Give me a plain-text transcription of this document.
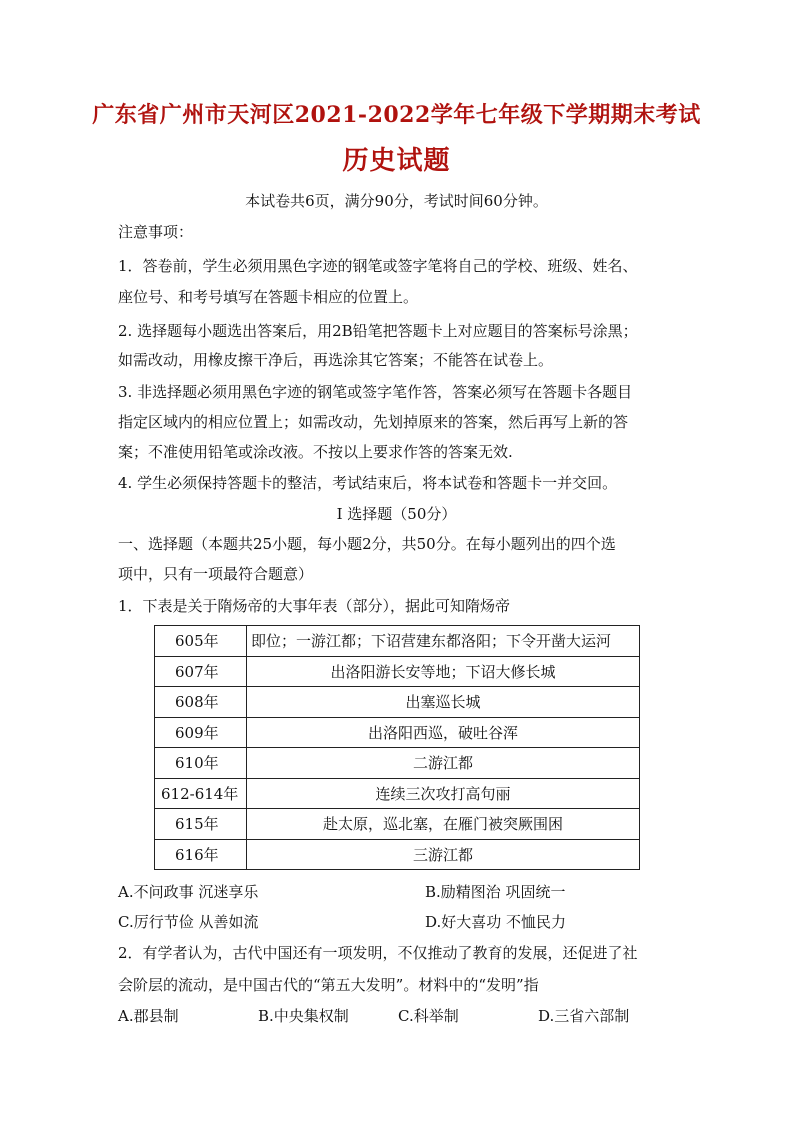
广东省广州市天河区2021-2022学年七年级下学期期末考试
历史试题
本试卷共6页，满分90分，考试时间60分钟。
注意事项：
1．答卷前，学生必须用黑色字迹的钢笔或签字笔将自己的学校、班级、姓名、
座位号、和考号填写在答题卡相应的位置上。
2. 选择题每小题选出答案后，用2B铅笔把答题卡上对应题目的答案标号涂黑；
如需改动，用橡皮擦干净后，再选涂其它答案；不能答在试卷上。
3. 非选择题必须用黑色字迹的钢笔或签字笔作答，答案必须写在答题卡各题目
指定区域内的相应位置上；如需改动，先划掉原来的答案，然后再写上新的答
案；不准使用铅笔或涂改液。不按以上要求作答的答案无效.
4. 学生必须保持答题卡的整洁，考试结束后，将本试卷和答题卡一并交回。
I 选择题（50分）
一、选择题（本题共25小题，每小题2分，共50分。在每小题列出的四个选
项中，只有一项最符合题意）
1．下表是关于隋炀帝的大事年表（部分），据此可知隋炀帝
605年	即位；一游江都；下诏营建东都洛阳；下令开凿大运河
607年	出洛阳游长安等地；下诏大修长城
608年	出塞巡长城
609年	出洛阳西巡，破吐谷浑
610年	二游江都
612-614年	连续三次攻打高句丽
615年	赴太原，巡北塞，在雁门被突厥围困
616年	三游江都
A.不问政事 沉迷享乐	B.励精图治 巩固统一
C.厉行节俭 从善如流	D.好大喜功 不恤民力
2．有学者认为，古代中国还有一项发明，不仅推动了教育的发展，还促进了社
会阶层的流动，是中国古代的“第五大发明”。材料中的“发明”指
A.郡县制	B.中央集权制	C.科举制	D.三省六部制
